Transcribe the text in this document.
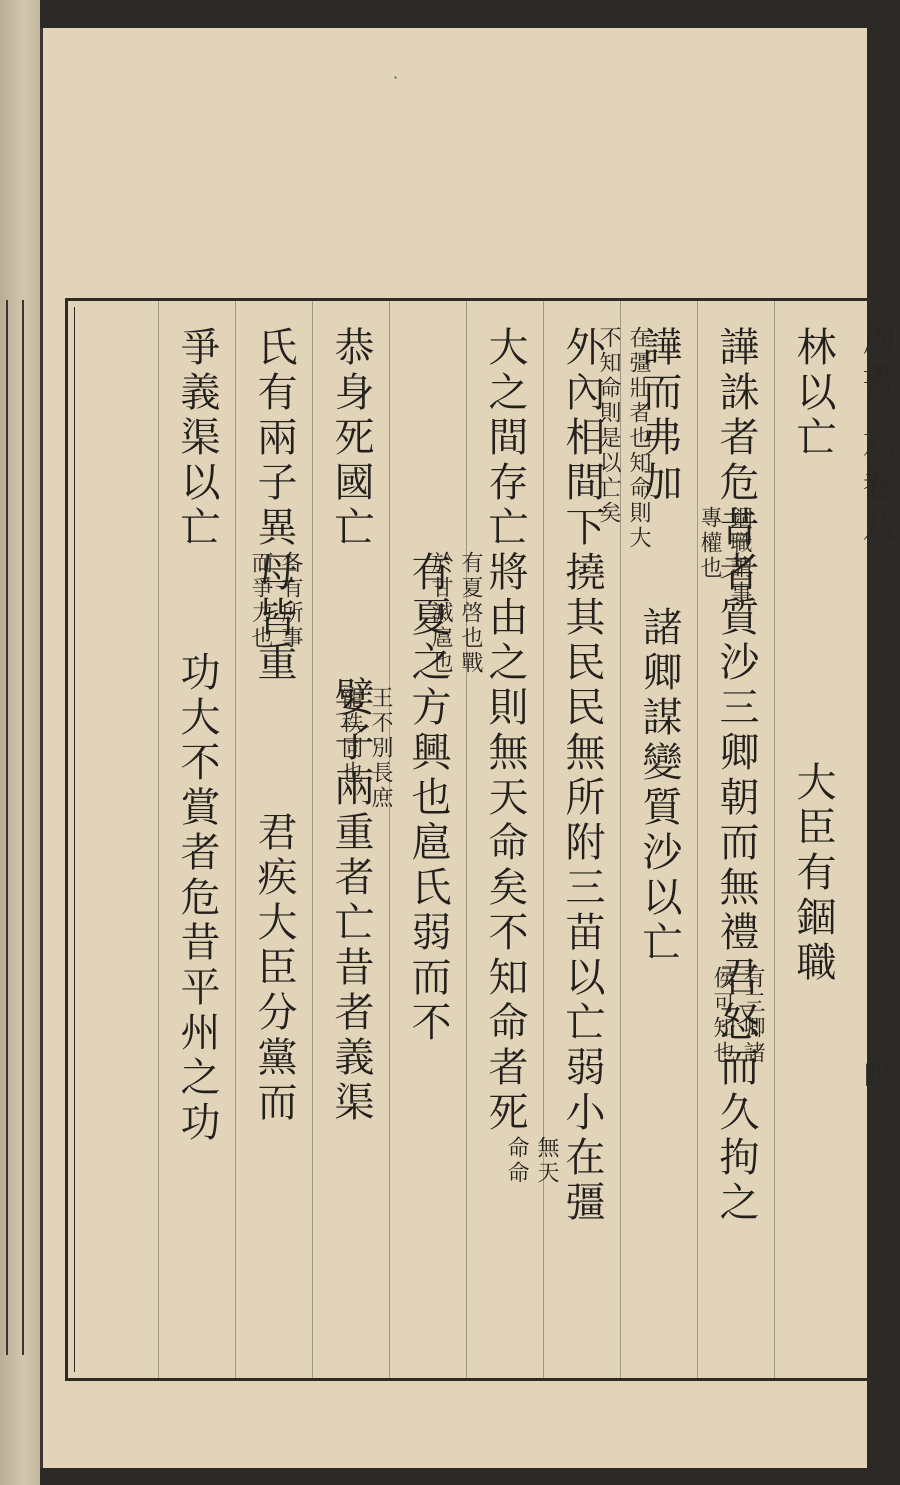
·
周書 六卷八
四
林以亡
大臣有錮職
譁誅者危昔者質沙三卿朝而無禮君怒而久拘之
譁而弗加
錮職謂事
專權也
諸卿謀變質沙以亡
有三卿諸
侯可知也
外內相間下撓其民民無所附三苗以亡弱小在彊
大之間存亡將由之則無天命矣不知命者死
無天
命命
在彊壯者也知命則大
不知命則是以亡矣
有夏之方興也扈氏弱而不
恭身死國亡
有夏啓也戰
於甘滅扈也
嬖子兩重者亡昔者義渠
氏有兩子異母皆重
王不別長庶
寵秩同也
君疾大臣分黨而
爭義渠以亡
各有所事
而爭力也
功大不賞者危昔平州之功
